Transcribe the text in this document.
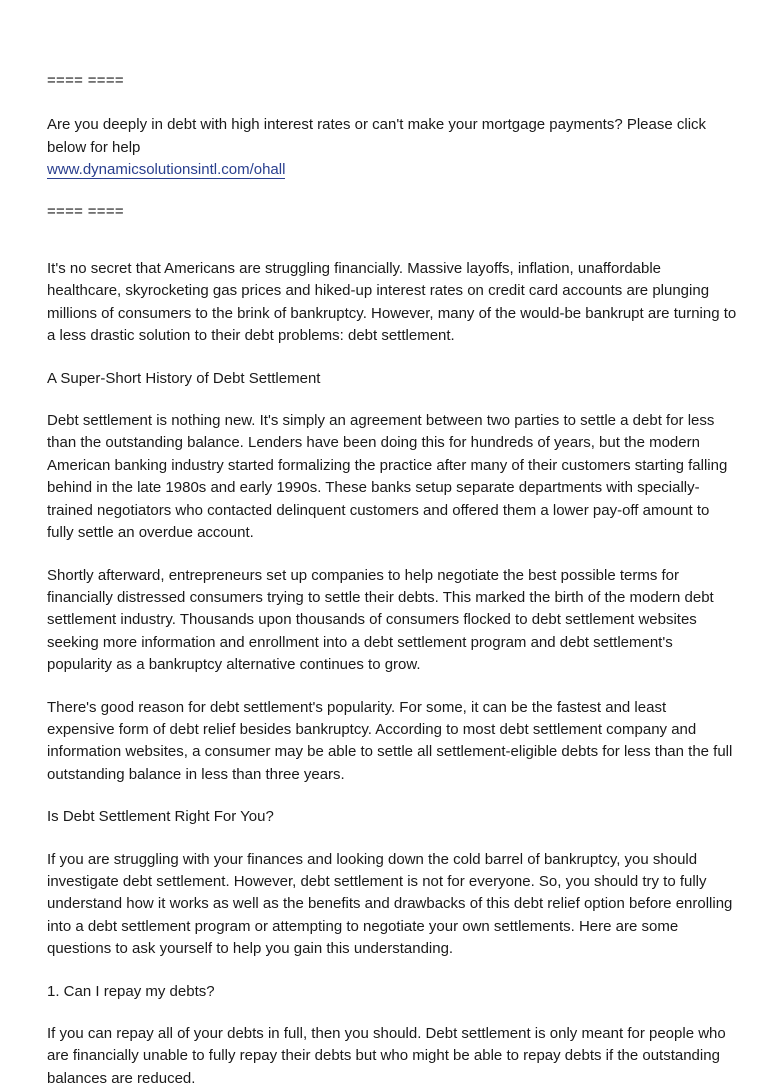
==== ====

Are you deeply in debt with high interest rates or can't make your mortgage payments? Please click below for help

www.dynamicsolutionsintl.com/ohall

==== ====

It's no secret that Americans are struggling financially. Massive layoffs, inflation, unaffordable healthcare, skyrocketing gas prices and hiked-up interest rates on credit card accounts are plunging millions of consumers to the brink of bankruptcy. However, many of the would-be bankrupt are turning to a less drastic solution to their debt problems: debt settlement.

A Super-Short History of Debt Settlement

Debt settlement is nothing new. It's simply an agreement between two parties to settle a debt for less than the outstanding balance. Lenders have been doing this for hundreds of years, but the modern American banking industry started formalizing the practice after many of their customers starting falling behind in the late 1980s and early 1990s. These banks setup separate departments with specially-trained negotiators who contacted delinquent customers and offered them a lower pay-off amount to fully settle an overdue account.

Shortly afterward, entrepreneurs set up companies to help negotiate the best possible terms for financially distressed consumers trying to settle their debts. This marked the birth of the modern debt settlement industry. Thousands upon thousands of consumers flocked to debt settlement websites seeking more information and enrollment into a debt settlement program and debt settlement's popularity as a bankruptcy alternative continues to grow.

There's good reason for debt settlement's popularity. For some, it can be the fastest and least expensive form of debt relief besides bankruptcy. According to most debt settlement company and information websites, a consumer may be able to settle all settlement-eligible debts for less than the full outstanding balance in less than three years.

Is Debt Settlement Right For You?

If you are struggling with your finances and looking down the cold barrel of bankruptcy, you should investigate debt settlement. However, debt settlement is not for everyone. So, you should try to fully understand how it works as well as the benefits and drawbacks of this debt relief option before enrolling into a debt settlement program or attempting to negotiate your own settlements. Here are some questions to ask yourself to help you gain this understanding.

1. Can I repay my debts?

If you can repay all of your debts in full, then you should. Debt settlement is only meant for people who are financially unable to fully repay their debts but who might be able to repay debts if the outstanding balances are reduced.
